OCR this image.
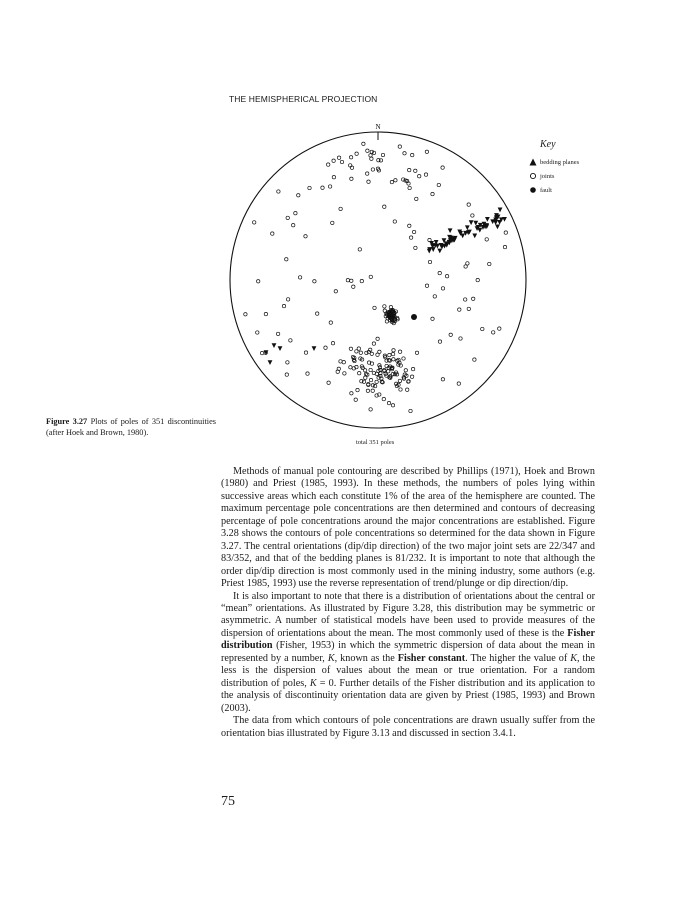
THE HEMISPHERICAL PROJECTION
N
Key
bedding planes
joints
fault
total 351 poles
Figure 3.27 Plots of poles of 351 discontinuities (after Hoek and Brown, 1980).

Methods of manual pole contouring are described by Phillips (1971), Hoek and Brown (1980) and Priest (1985, 1993). In these methods, the numbers of poles lying within successive areas which each constitute 1% of the area of the hemisphere are counted. The maximum percentage pole concentrations are then determined and contours of decreasing percentage of pole concentrations around the major concentrations are established. Figure 3.28 shows the contours of pole concentrations so determined for the data shown in Figure 3.27. The central orientations (dip/dip direction) of the two major joint sets are 22/347 and 83/352, and that of the bedding planes is 81/232. It is important to note that although the order dip/dip direction is most commonly used in the mining industry, some authors (e.g. Priest 1985, 1993) use the reverse representation of trend/plunge or dip direction/dip.

It is also important to note that there is a distribution of orientations about the central or “mean” orientations. As illustrated by Figure 3.28, this distribution may be symmetric or asymmetric. A number of statistical models have been used to provide measures of the dispersion of orientations about the mean. The most commonly used of these is the Fisher distribution (Fisher, 1953) in which the symmetric dispersion of data about the mean in represented by a number, K, known as the Fisher constant. The higher the value of K, the less is the dispersion of values about the mean or true orientation. For a random distribution of poles, K = 0. Further details of the Fisher distribution and its application to the analysis of discontinuity orientation data are given by Priest (1985, 1993) and Brown (2003).

The data from which contours of pole concentrations are drawn usually suffer from the orientation bias illustrated by Figure 3.13 and discussed in section 3.4.1.

75
